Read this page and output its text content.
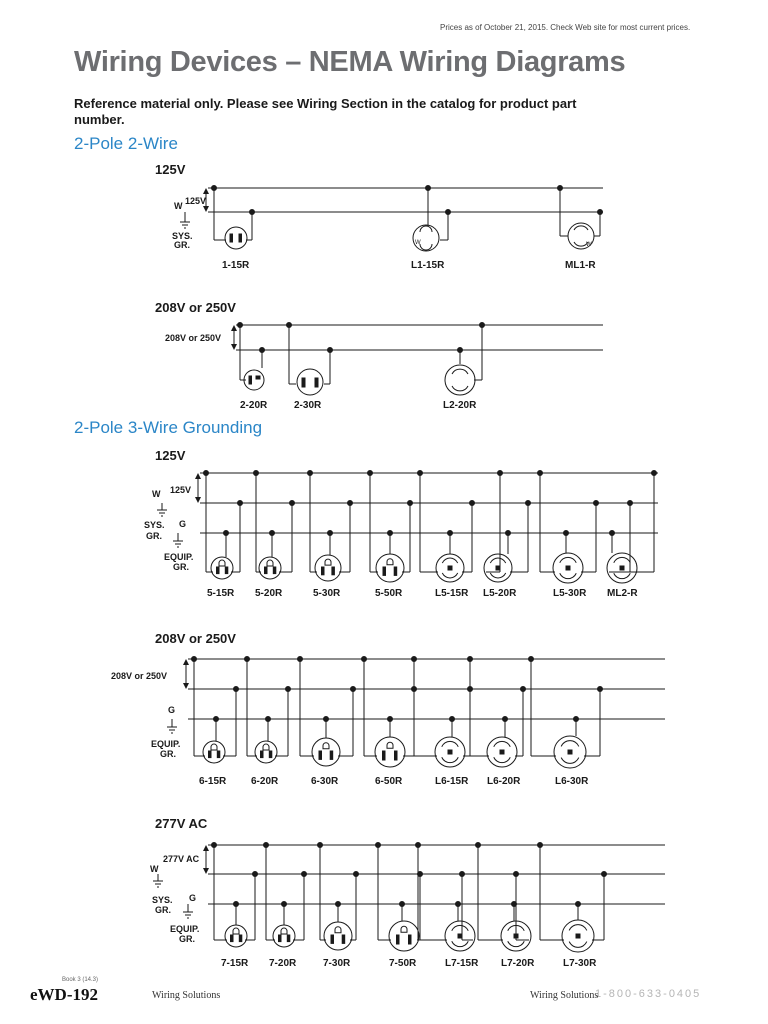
Prices as of October 21, 2015. Check Web site for most current prices.
Wiring Devices – NEMA Wiring Diagrams
Reference material only. Please see Wiring Section in the catalog for product part number.
2-Pole 2-Wire
2-Pole 3-Wire Grounding
125V
125V
W
SYS.
GR.
1-15R
W
L1-15R
W
ML1-R
208V or 250V
208V or 250V
2-20R	2-30R	L2-20R
125V
125V
W
SYS.
GR.
G
EQUIP.
GR.
5-15R 5-20R	5-30R	5-50R	L5-15R L5-20R	L5-30R ML2-R
208V or 250V
208V or 250V
G
EQUIP.
GR.
6-15R 6-20R	6-30R	6-50R	L6-15R L6-20R	L6-30R
277V AC
277V AC
W
SYS.
GR.
G
EQUIP.
GR.
7-15R 7-20R	7-30R	7-50R	L7-15R L7-20R	L7-30R
Book 3 (14.3)
eWD-192	Wiring Solutions	1-800-633-0405
Wiring Solutions
